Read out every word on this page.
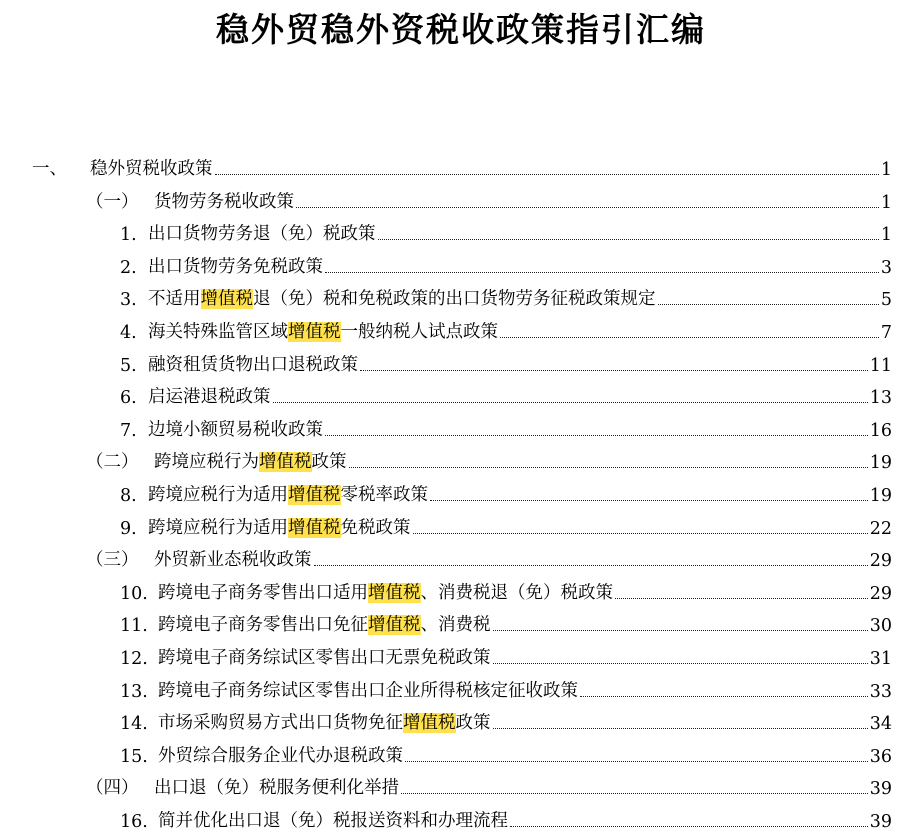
稳外贸稳外资税收政策指引汇编
一、	稳外贸税收政策	1
（一） 货物劳务税收政策	1
1. 出口货物劳务退（免）税政策	1
2. 出口货物劳务免税政策	3
3. 不适用增值税退（免）税和免税政策的出口货物劳务征税政策规定	5
4. 海关特殊监管区域增值税一般纳税人试点政策	7
5. 融资租赁货物出口退税政策	11
6. 启运港退税政策	13
7. 边境小额贸易税收政策	16
（二） 跨境应税行为增值税政策	19
8. 跨境应税行为适用增值税零税率政策	19
9. 跨境应税行为适用增值税免税政策	22
（三） 外贸新业态税收政策	29
10. 跨境电子商务零售出口适用增值税、消费税退（免）税政策	29
11. 跨境电子商务零售出口免征增值税、消费税	30
12. 跨境电子商务综试区零售出口无票免税政策	31
13. 跨境电子商务综试区零售出口企业所得税核定征收政策	33
14. 市场采购贸易方式出口货物免征增值税政策	34
15. 外贸综合服务企业代办退税政策	36
（四） 出口退（免）税服务便利化举措	39
16. 简并优化出口退（免）税报送资料和办理流程	39
